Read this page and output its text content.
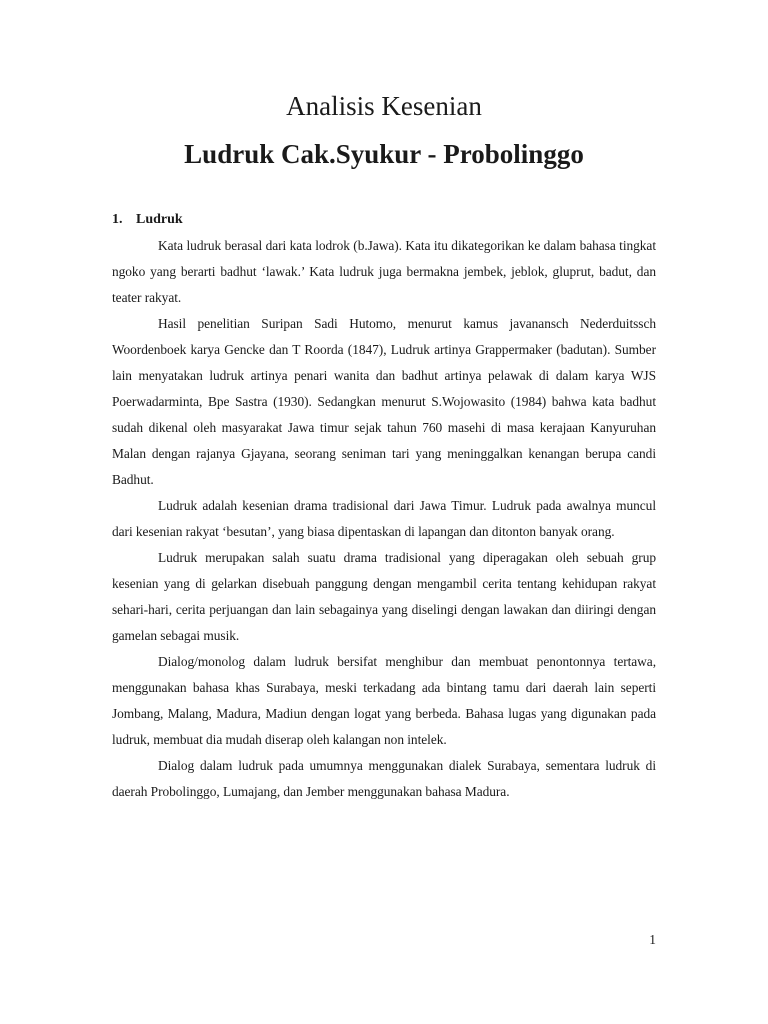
Analisis Kesenian
Ludruk Cak.Syukur - Probolinggo
1. Ludruk

Kata ludruk berasal dari kata lodrok (b.Jawa). Kata itu dikategorikan ke dalam bahasa tingkat ngoko yang berarti badhut ‘lawak.’ Kata ludruk juga bermakna jembek, jeblok, gluprut, badut, dan teater rakyat.

Hasil penelitian Suripan Sadi Hutomo, menurut kamus javanansch Nederduitssch Woordenboek karya Gencke dan T Roorda (1847), Ludruk artinya Grappermaker (badutan). Sumber lain menyatakan ludruk artinya penari wanita dan badhut artinya pelawak di dalam karya WJS Poerwadarminta, Bpe Sastra (1930). Sedangkan menurut S.Wojowasito (1984) bahwa kata badhut sudah dikenal oleh masyarakat Jawa timur sejak tahun 760 masehi di masa kerajaan Kanyuruhan Malan dengan rajanya Gjayana, seorang seniman tari yang meninggalkan kenangan berupa candi Badhut.

Ludruk adalah kesenian drama tradisional dari Jawa Timur. Ludruk pada awalnya muncul dari kesenian rakyat ‘besutan’, yang biasa dipentaskan di lapangan dan ditonton banyak orang.

Ludruk merupakan salah suatu drama tradisional yang diperagakan oleh sebuah grup kesenian yang di gelarkan disebuah panggung dengan mengambil cerita tentang kehidupan rakyat sehari-hari, cerita perjuangan dan lain sebagainya yang diselingi dengan lawakan dan diiringi dengan gamelan sebagai musik.

Dialog/monolog dalam ludruk bersifat menghibur dan membuat penontonnya tertawa, menggunakan bahasa khas Surabaya, meski terkadang ada bintang tamu dari daerah lain seperti Jombang, Malang, Madura, Madiun dengan logat yang berbeda. Bahasa lugas yang digunakan pada ludruk, membuat dia mudah diserap oleh kalangan non intelek.

Dialog dalam ludruk pada umumnya menggunakan dialek Surabaya, sementara ludruk di daerah Probolinggo, Lumajang, dan Jember menggunakan bahasa Madura.

1
